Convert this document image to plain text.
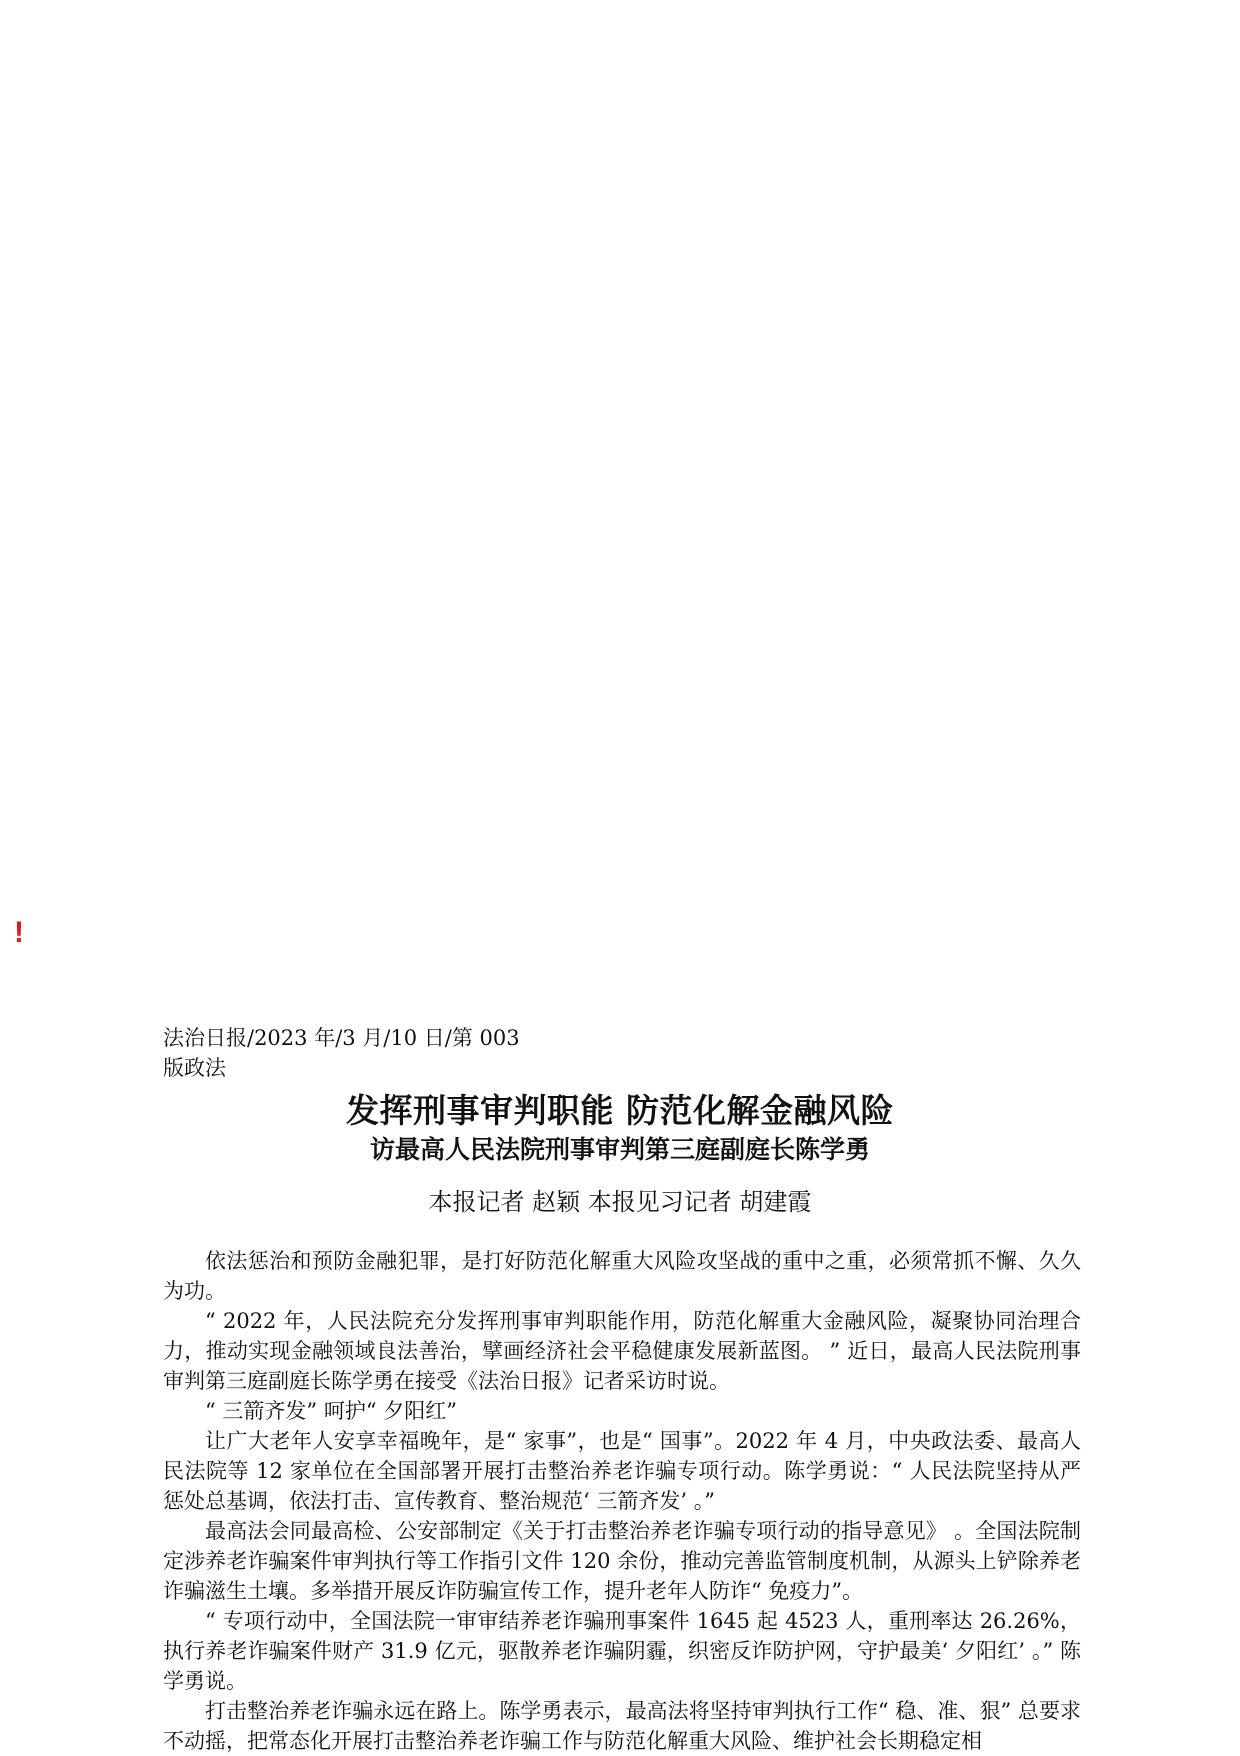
!
法治日报/2023 年/3 月/10 日/第 003 版政法
发挥刑事审判职能 防范化解金融风险
访最高人民法院刑事审判第三庭副庭长陈学勇
本报记者 赵颖 本报见习记者 胡建霞

依法惩治和预防金融犯罪，是打好防范化解重大风险攻坚战的重中之重，必须常抓不懈、久久为功。

“ 2022 年，人民法院充分发挥刑事审判职能作用，防范化解重大金融风险，凝聚协同治理合力，推动实现金融领域良法善治，擘画经济社会平稳健康发展新蓝图。 ” 近日，最高人民法院刑事审判第三庭副庭长陈学勇在接受《法治日报》记者采访时说。

“ 三箭齐发” 呵护“ 夕阳红”

让广大老年人安享幸福晚年，是“ 家事”，也是“ 国事”。2022 年 4 月，中央政法委、最高人民法院等 12 家单位在全国部署开展打击整治养老诈骗专项行动。陈学勇说：“ 人民法院坚持从严惩处总基调，依法打击、宣传教育、整治规范‘ 三箭齐发’ 。”

最高法会同最高检、公安部制定《关于打击整治养老诈骗专项行动的指导意见》 。全国法院制定涉养老诈骗案件审判执行等工作指引文件 120 余份，推动完善监管制度机制，从源头上铲除养老诈骗滋生土壤。多举措开展反诈防骗宣传工作，提升老年人防诈“ 免疫力”。

“ 专项行动中，全国法院一审审结养老诈骗刑事案件 1645 起 4523 人，重刑率达 26.26%，执行养老诈骗案件财产 31.9 亿元，驱散养老诈骗阴霾，织密反诈防护网，守护最美‘ 夕阳红’ 。” 陈学勇说。

打击整治养老诈骗永远在路上。陈学勇表示，最高法将坚持审判执行工作“ 稳、准、狠” 总要求不动摇，把常态化开展打击整治养老诈骗工作与防范化解重大风险、维护社会长期稳定相
